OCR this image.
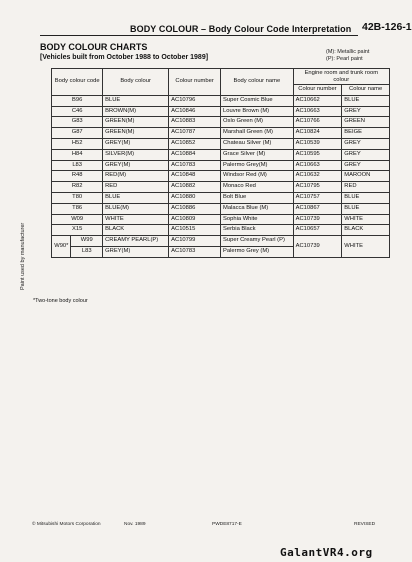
BODY COLOUR – Body Colour Code Interpretation 42B-126-1
BODY COLOUR CHARTS
[Vehicles built from October 1988 to October 1989]
(M): Metallic paint
(P): Pearl paint
Paint used by manufacturer
	Body colour code		Body colour	Colour number	Body colour name	Engine room and trunk room colour	
						Colour number	Colour name
	B96		BLUE	AC10796	Super Cosmic Blue	AC10662	BLUE
	C46		BROWN(M)	AC10846	Louvre Brown (M)	AC10663	GREY
	G83		GREEN(M)	AC10883	Oslo Green (M)	AC10766	GREEN
	G87		GREEN(M)	AC10787	Marshall Green (M)	AC10824	BEIGE
	H52		GREY(M)	AC10852	Chateau Silver (M)	AC10539	GREY
	H84		SILVER(M)	AC10884	Grace Silver (M)	AC10595	GREY
	L83		GREY(M)	AC10783	Palermo Grey(M)	AC10663	GREY
	R48		RED(M)	AC10848	Windsor Red (M)	AC10632	MAROON
	R82		RED	AC10882	Monaco Red	AC10795	RED
	T80		BLUE	AC10880	Bolt Blue	AC10757	BLUE
	T86		BLUE(M)	AC10886	Malacca Blue (M)	AC10867	BLUE
	W09		WHITE	AC10809	Sophia White	AC10739	WHITE
	X15		BLACK	AC10515	Serbia Black	AC10657	BLACK
	W90*	W99	CREAMY PEARL(P)	AC10799	Super Creamy Pearl (P)	AC10739	WHITE
		L83	GREY(M)	AC10783	Palermo Grey (M)		
*Two-tone body colour
© Mitsubishi Motors Corporation	Nov. 1989	PWDE8717-E	REVISED
GalantVR4.org
